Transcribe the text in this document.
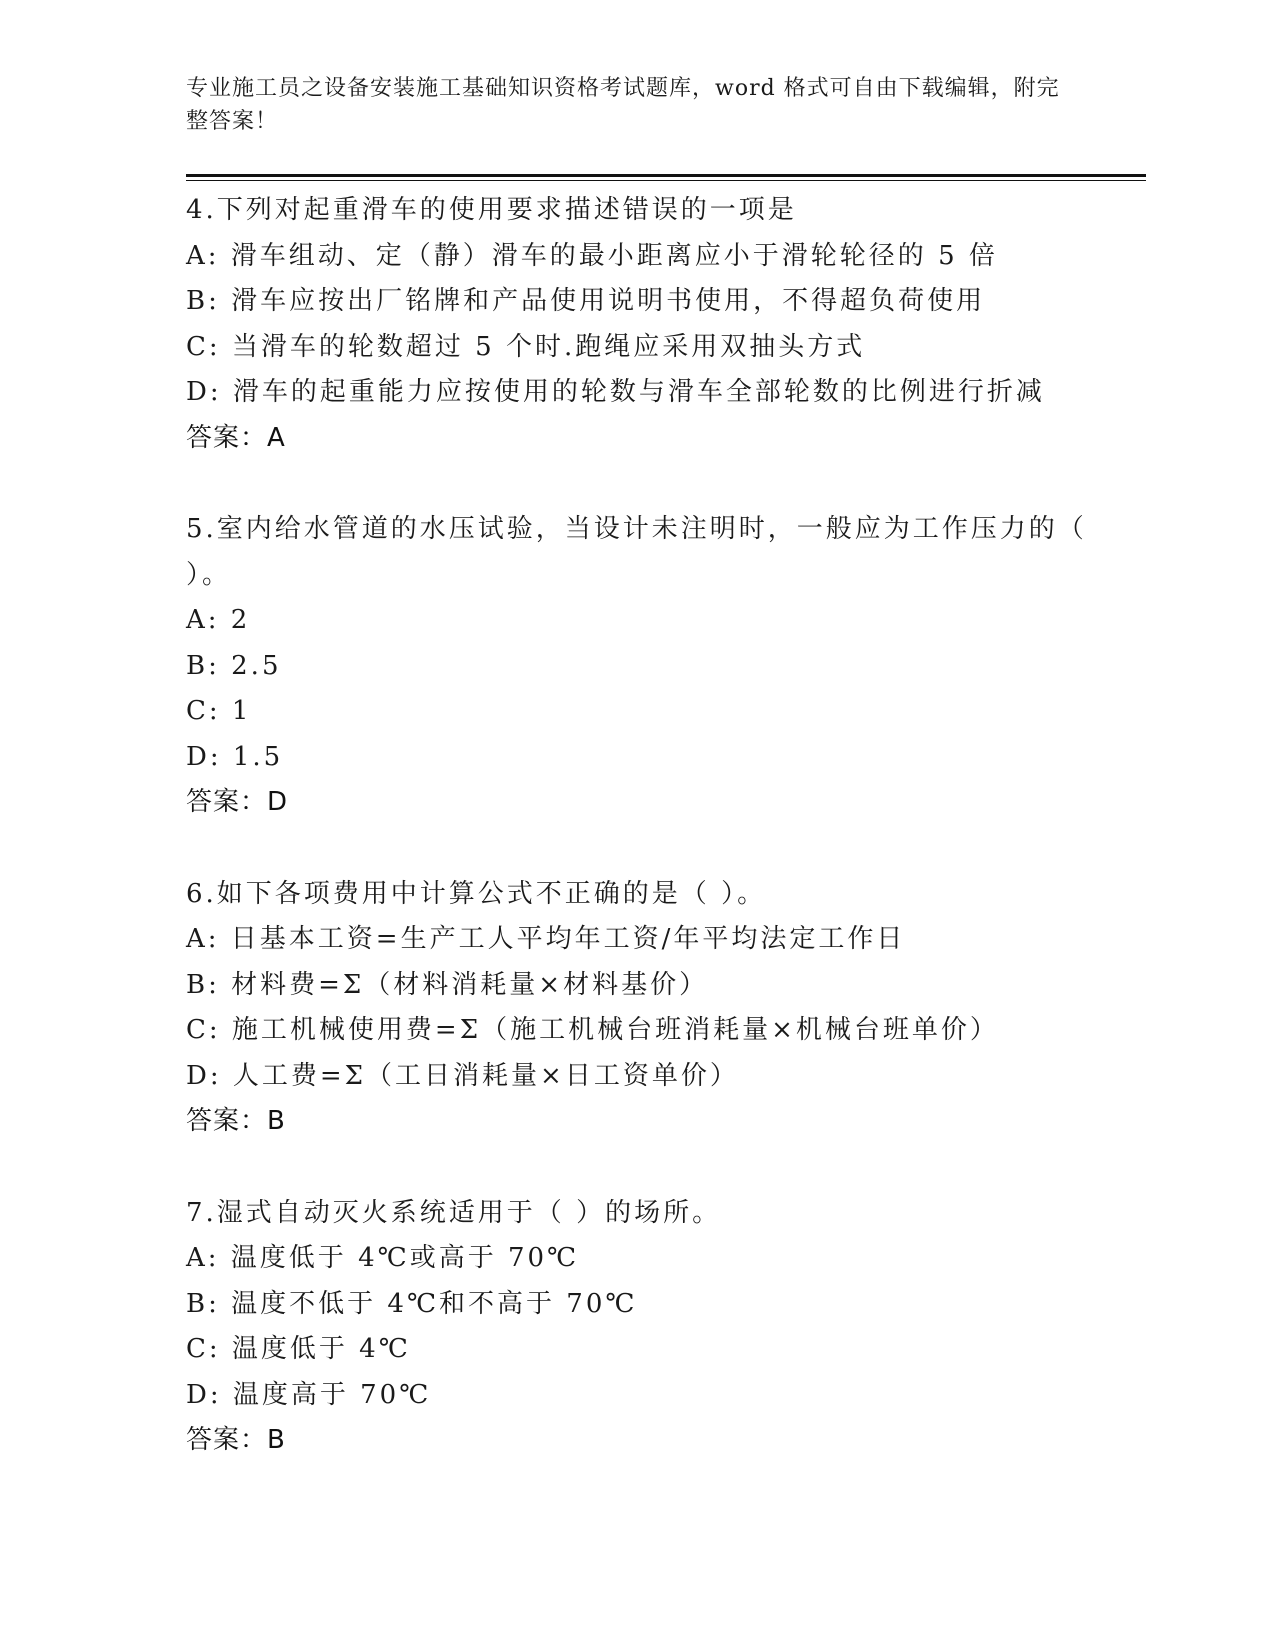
专业施工员之设备安装施工基础知识资格考试题库，word 格式可自由下载编辑，附完整答案！
4.下列对起重滑车的使用要求描述错误的一项是
A: 滑车组动、定（静）滑车的最小距离应小于滑轮轮径的 5 倍
B: 滑车应按出厂铭牌和产品使用说明书使用，不得超负荷使用
C: 当滑车的轮数超过 5 个时.跑绳应采用双抽头方式
D: 滑车的起重能力应按使用的轮数与滑车全部轮数的比例进行折减
答案：A
5.室内给水管道的水压试验，当设计未注明时，一般应为工作压力的（ ）。
A: 2
B: 2.5
C: 1
D: 1.5
答案：D
6.如下各项费用中计算公式不正确的是（ ）。
A: 日基本工资=生产工人平均年工资/年平均法定工作日
B: 材料费=Σ（材料消耗量×材料基价）
C: 施工机械使用费=Σ（施工机械台班消耗量×机械台班单价）
D: 人工费=Σ（工日消耗量×日工资单价）
答案：B
7.湿式自动灭火系统适用于（ ）的场所。
A: 温度低于 4℃或高于 70℃
B: 温度不低于 4℃和不高于 70℃
C: 温度低于 4℃
D: 温度高于 70℃
答案：B
